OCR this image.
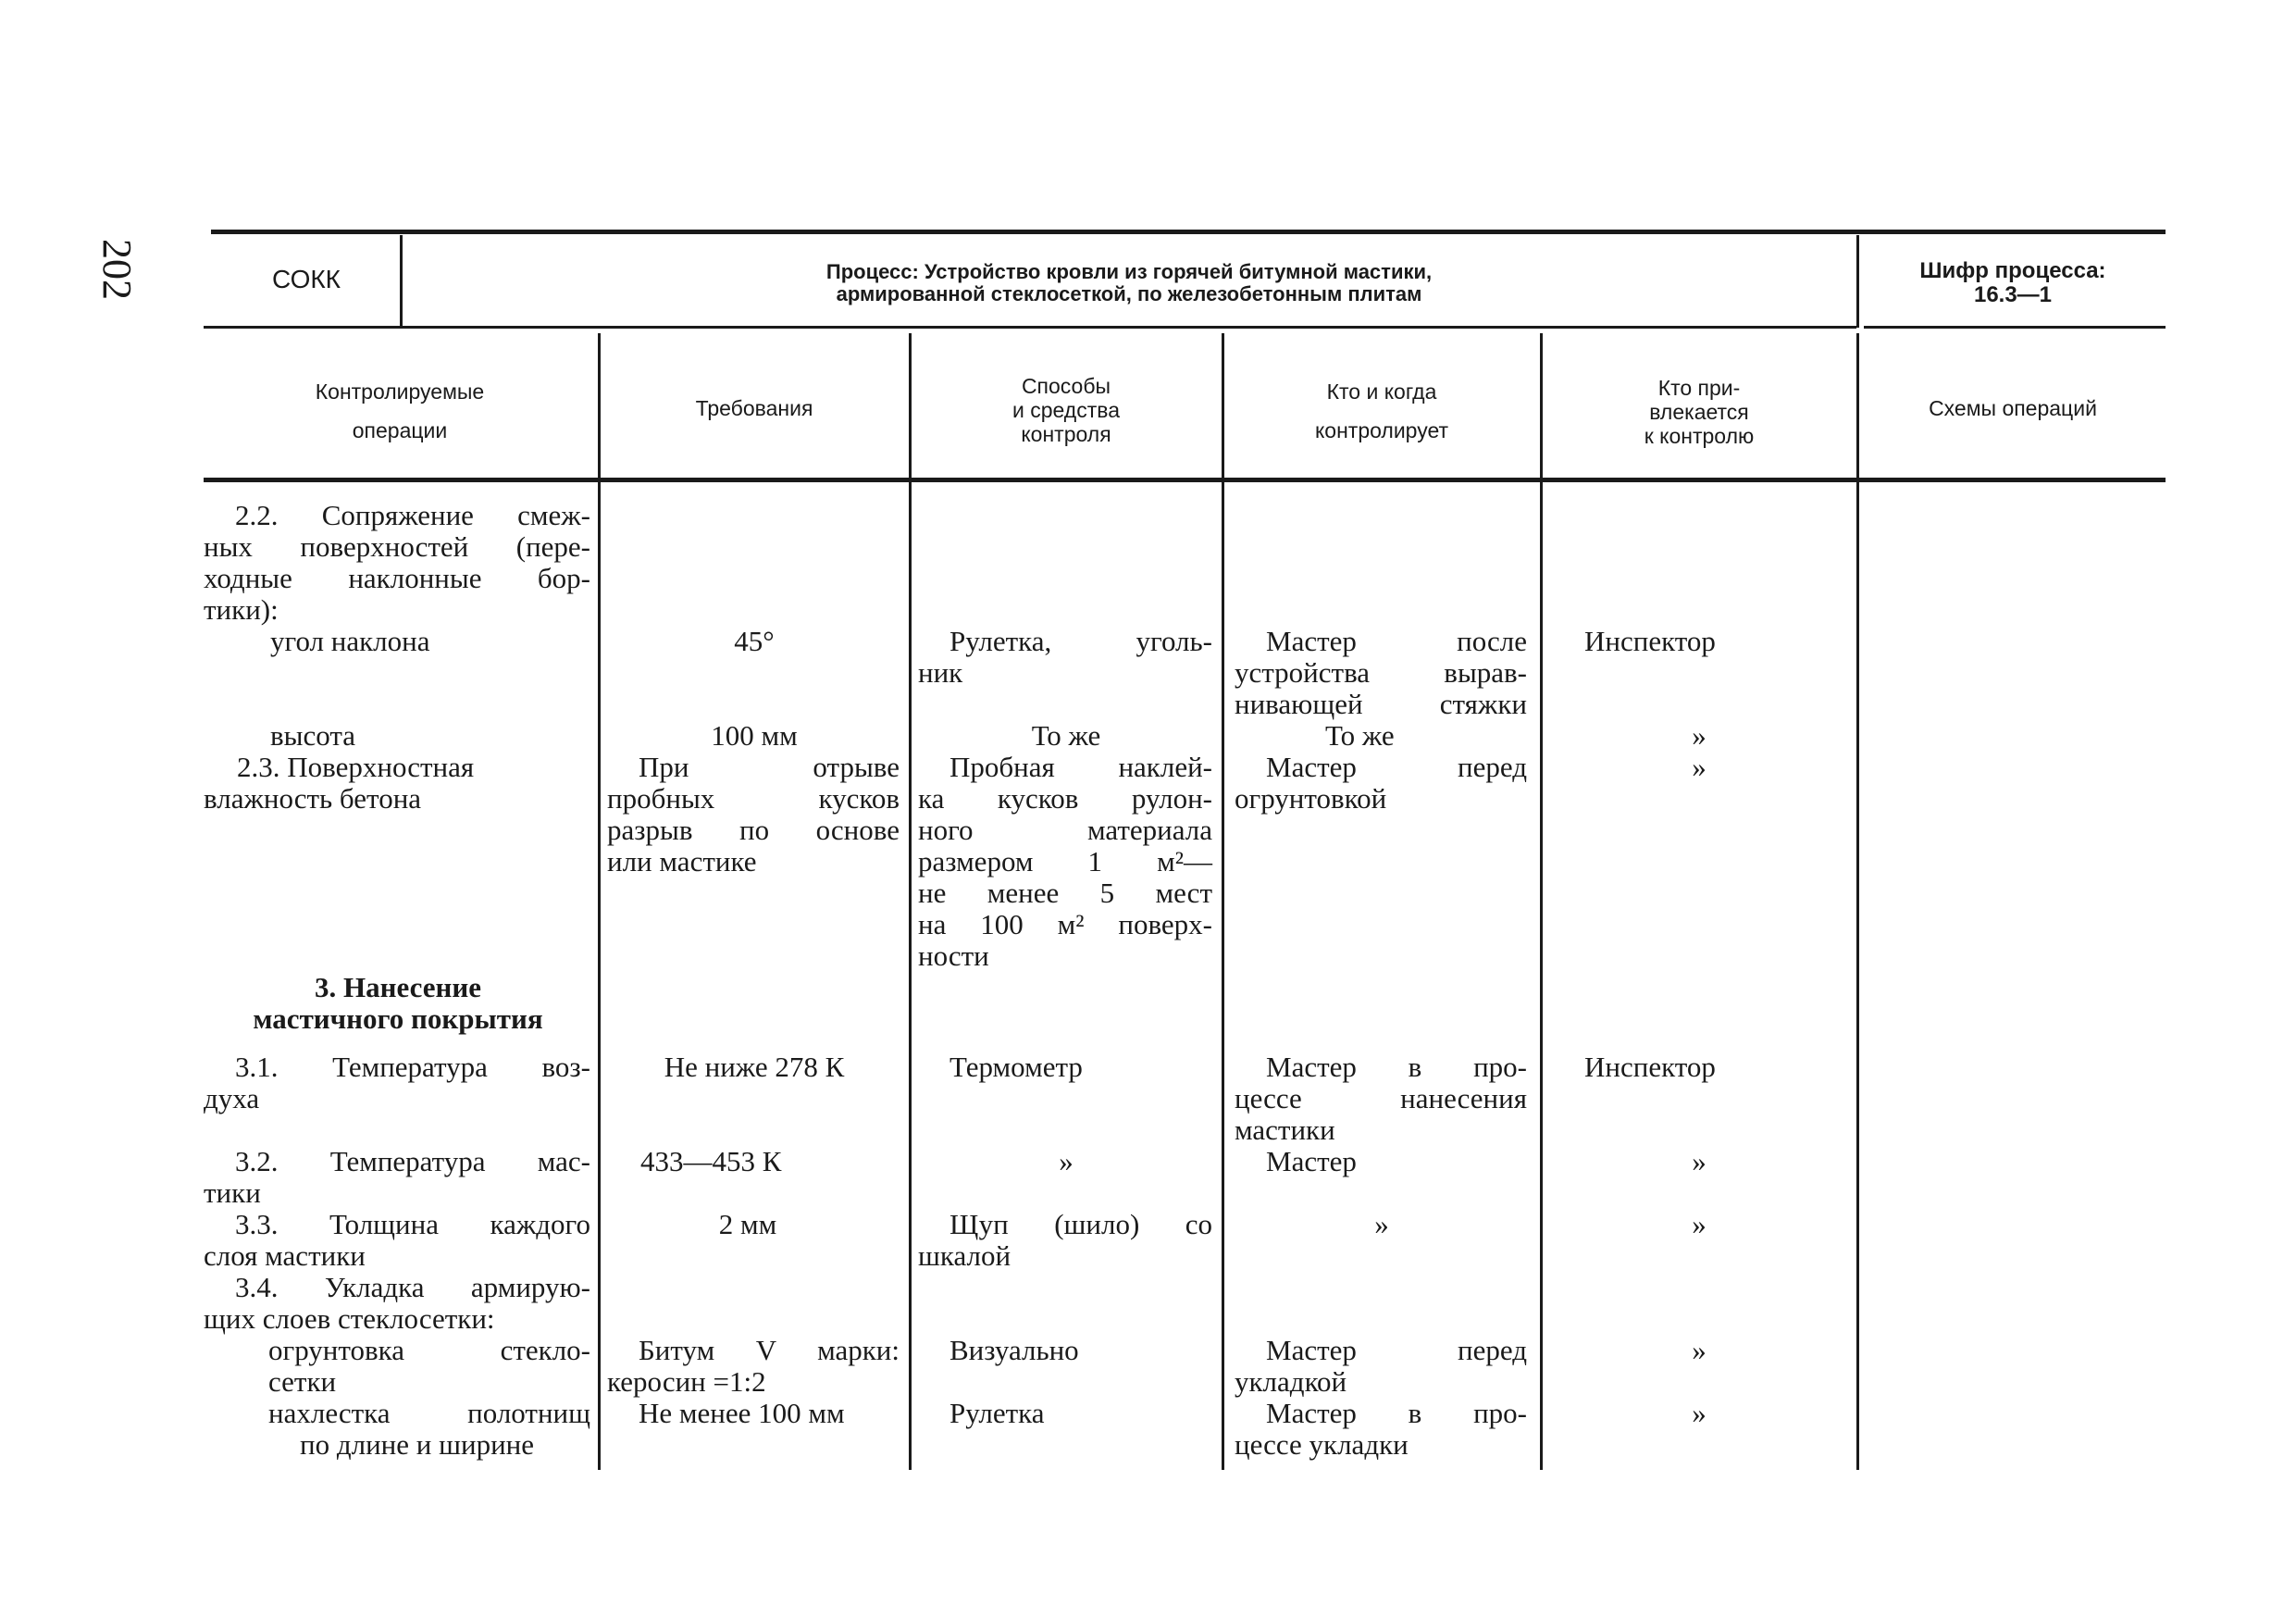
202	СОКК	Процесс: Устройство кровли из горячей битумной мастики,
армированной стеклосеткой, по железобетонным плитам
Шифр процесса:
16.3—1
Контролируемые
операции
Требования
Способы
и средства
контроля
Кто и когда
контролирует
Кто при-
влекается
к контролю
Схемы операций
2.2. Сопряжение смеж-
ных поверхностей (пере-
ходные наклонные бор-
тики):
угол наклона
высота
2.3. Поверхностная
влажность бетона
3. Нанесение
мастичного покрытия
3.1. Температура воз-
духа
3.2. Температура мас-
тики
3.3. Толщина каждого
слоя мастики
3.4. Укладка армирую-
щих слоев стеклосетки:
огрунтовка стекло-
сетки
нахлестка полотнищ
по длине и ширине
45°
100 мм
При отрыве
пробных кусков
разрыв по основе
или мастике
Не ниже 278 К
433—453 К
2 мм
Битум V марки:
керосин =1:2
Не менее 100 мм
Рулетка, уголь-
ник
То же
Пробная наклей-
ка кусков рулон-
ного материала
размером 1 м²—
не менее 5 мест
на 100 м² поверх-
ности
Термометр
»
Щуп (шило) со
шкалой
Визуально
Рулетка
Мастер после
устройства вырав-
нивающей стяжки
То же
Мастер перед
огрунтовкой
Мастер в про-
цессе нанесения
мастики
Мастер
»
Мастер перед
укладкой
Мастер в про-
цессе укладки
Инспектор
»
»
Инспектор
»
»
»
»
